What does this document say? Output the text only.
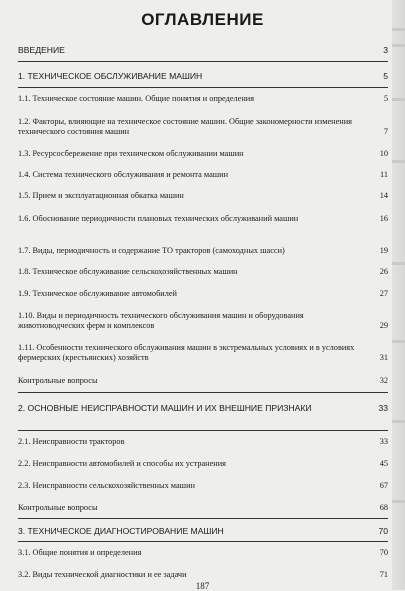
ОГЛАВЛЕНИЕ
ВВЕДЕНИЕ	3
1. ТЕХНИЧЕСКОЕ ОБСЛУЖИВАНИЕ МАШИН	5
1.1. Техническое состояние машин. Общие понятия и определения	5
1.2. Факторы, влияющие на техническое состояние машин. Общие закономерности изменения технического состояния машин	7
1.3. Ресурсосбережение при техническом обслуживании машин	10
1.4. Система технического обслуживания и ремонта машин	11
1.5. Прием и эксплуатационная обкатка машин	14
1.6. Обоснование периодичности плановых технических обслуживаний машин	16
1.7. Виды, периодичность и содержание ТО тракторов (самоходных шасси)	19
1.8. Техническое обслуживание сельскохозяйственных машин	26
1.9. Техническое обслуживание автомобилей	27
1.10. Виды и периодичность технического обслуживания машин и оборудования животноводческих ферм и комплексов	29
1.11. Особенности технического обслуживания машин в экстремальных условиях и в условиях фермерских (крестьянских) хозяйств	31
Контрольные вопросы	32
2. ОСНОВНЫЕ НЕИСПРАВНОСТИ МАШИН И ИХ ВНЕШНИЕ ПРИЗНАКИ	33
2.1. Неисправности тракторов	33
2.2. Неисправности автомобилей и способы их устранения	45
2.3. Неисправности сельскохозяйственных машин	67
Контрольные вопросы	68
3. ТЕХНИЧЕСКОЕ ДИАГНОСТИРОВАНИЕ МАШИН	70
3.1. Общие понятия и определения	70
3.2. Виды технической диагностики и ее задачи	71
187
